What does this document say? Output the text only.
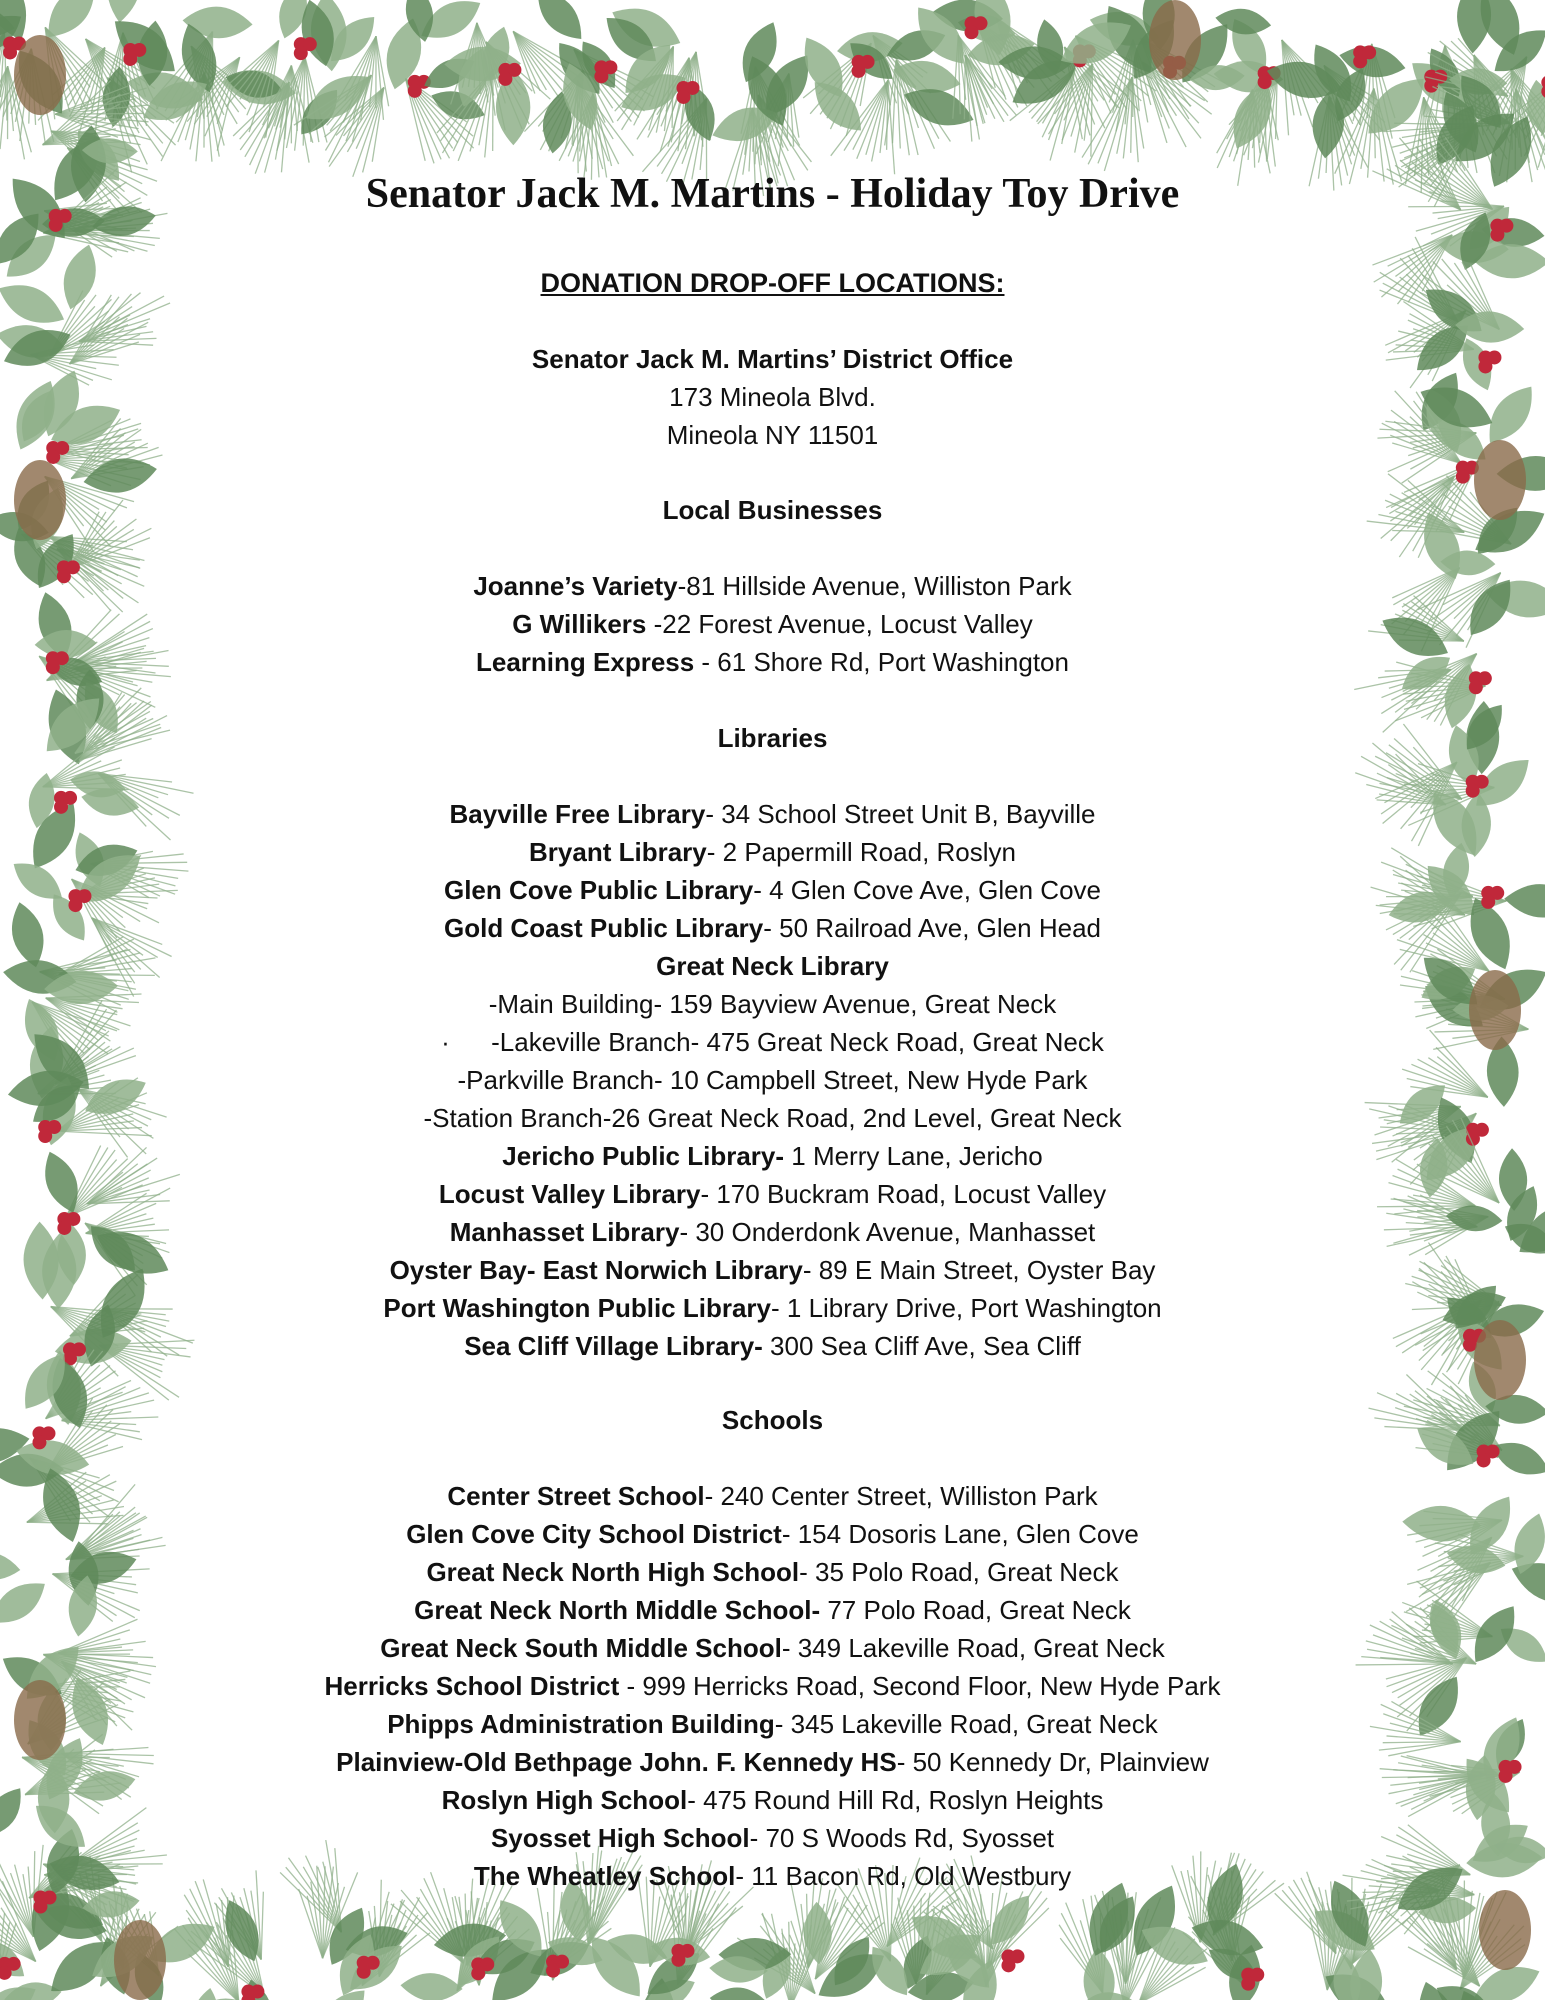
Senator Jack M. Martins - Holiday Toy Drive
DONATION DROP-OFF LOCATIONS:
Senator Jack M. Martins’ District Office
173 Mineola Blvd.
Mineola NY 11501
Local Businesses
Joanne’s Variety-81 Hillside Avenue, Williston Park
G Willikers -22 Forest Avenue, Locust Valley
Learning Express - 61 Shore Rd, Port Washington
Libraries
Bayville Free Library- 34 School Street Unit B, Bayville
Bryant Library- 2 Papermill Road, Roslyn
Glen Cove Public Library- 4 Glen Cove Ave, Glen Cove
Gold Coast Public Library- 50 Railroad Ave, Glen Head
Great Neck Library
-Main Building- 159 Bayview Avenue, Great Neck
· -Lakeville Branch- 475 Great Neck Road, Great Neck
-Parkville Branch- 10 Campbell Street, New Hyde Park
-Station Branch-26 Great Neck Road, 2nd Level, Great Neck
Jericho Public Library- 1 Merry Lane, Jericho
Locust Valley Library- 170 Buckram Road, Locust Valley
Manhasset Library- 30 Onderdonk Avenue, Manhasset
Oyster Bay- East Norwich Library- 89 E Main Street, Oyster Bay
Port Washington Public Library- 1 Library Drive, Port Washington
Sea Cliff Village Library- 300 Sea Cliff Ave, Sea Cliff
Schools
Center Street School- 240 Center Street, Williston Park
Glen Cove City School District- 154 Dosoris Lane, Glen Cove
Great Neck North High School- 35 Polo Road, Great Neck
Great Neck North Middle School- 77 Polo Road, Great Neck
Great Neck South Middle School- 349 Lakeville Road, Great Neck
Herricks School District - 999 Herricks Road, Second Floor, New Hyde Park
Phipps Administration Building- 345 Lakeville Road, Great Neck
Plainview-Old Bethpage John. F. Kennedy HS- 50 Kennedy Dr, Plainview
Roslyn High School- 475 Round Hill Rd, Roslyn Heights
Syosset High School- 70 S Woods Rd, Syosset
The Wheatley School- 11 Bacon Rd, Old Westbury
